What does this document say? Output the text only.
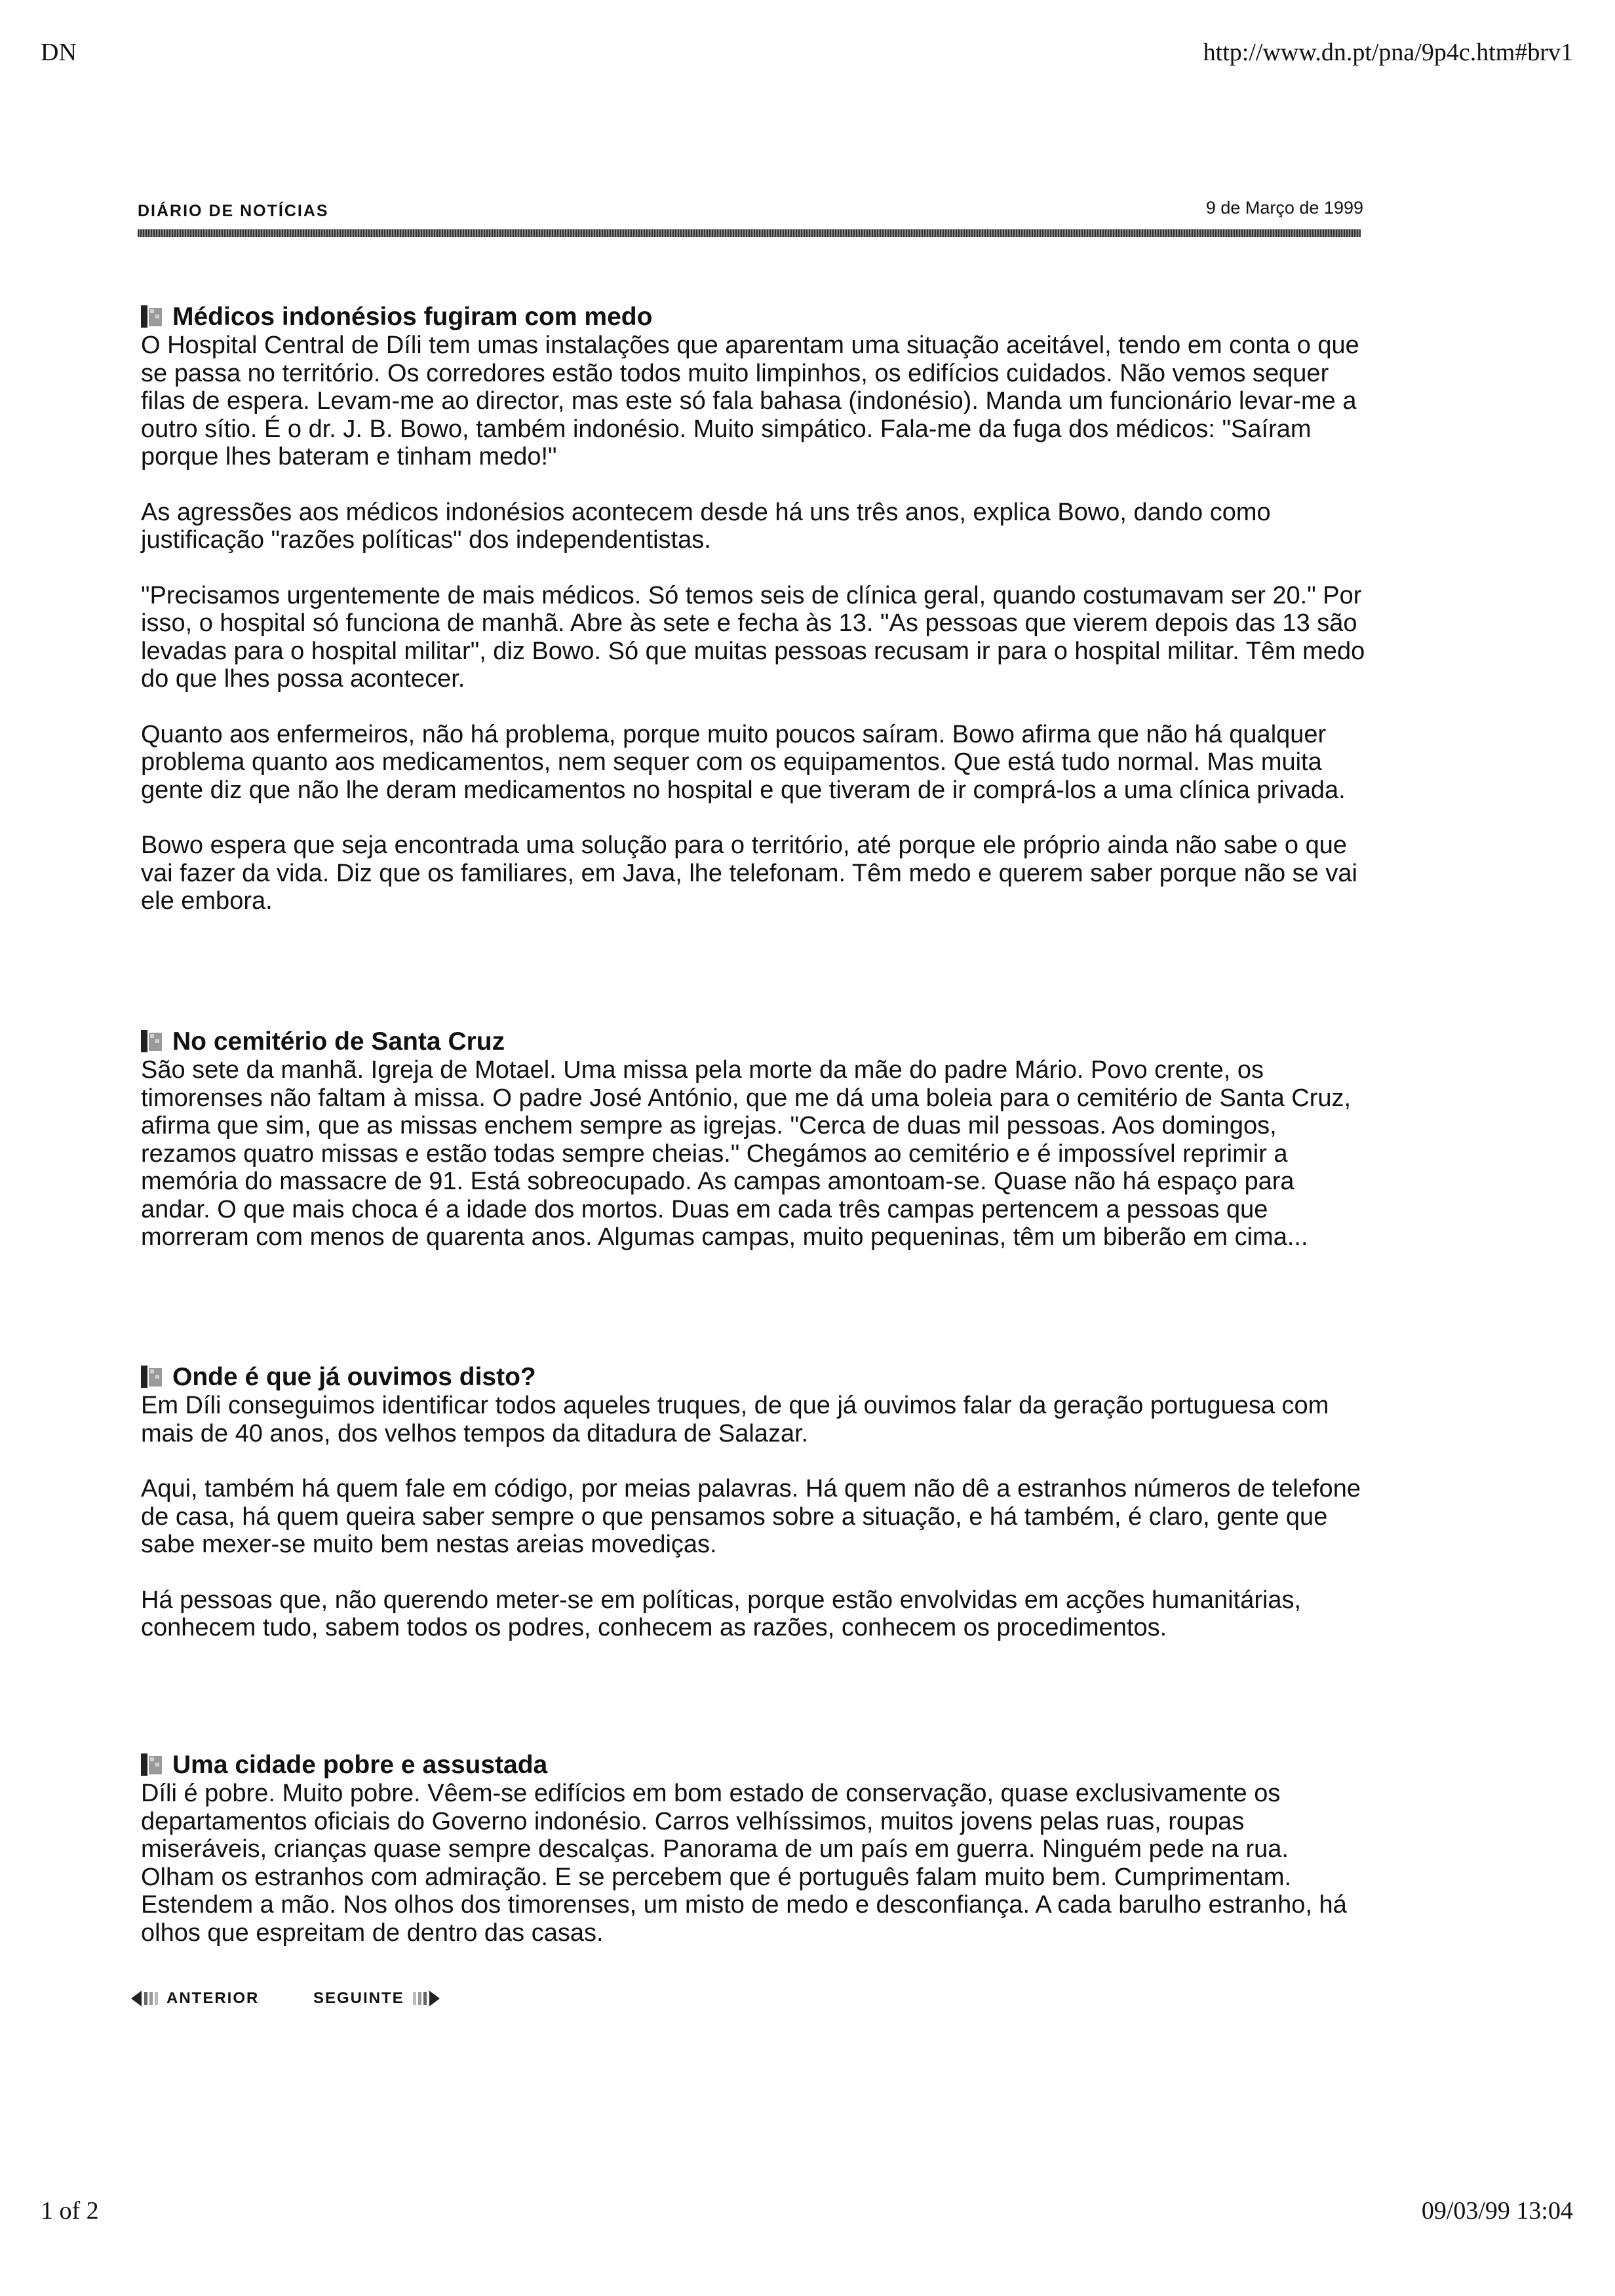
DN	http://www.dn.pt/pna/9p4c.htm#brv1
DIÁRIO DE NOTÍCIAS	9 de Março de 1999
Médicos indonésios fugiram com medo

O Hospital Central de Díli tem umas instalações que aparentam uma situação aceitável, tendo em conta o que se passa no território. Os corredores estão todos muito limpinhos, os edifícios cuidados. Não vemos sequer filas de espera. Levam-me ao director, mas este só fala bahasa (indonésio). Manda um funcionário levar-me a outro sítio. É o dr. J. B. Bowo, também indonésio. Muito simpático. Fala-me da fuga dos médicos: "Saíram porque lhes bateram e tinham medo!"

As agressões aos médicos indonésios acontecem desde há uns três anos, explica Bowo, dando como justificação "razões políticas" dos independentistas.

"Precisamos urgentemente de mais médicos. Só temos seis de clínica geral, quando costumavam ser 20." Por isso, o hospital só funciona de manhã. Abre às sete e fecha às 13. "As pessoas que vierem depois das 13 são levadas para o hospital militar", diz Bowo. Só que muitas pessoas recusam ir para o hospital militar. Têm medo do que lhes possa acontecer.

Quanto aos enfermeiros, não há problema, porque muito poucos saíram. Bowo afirma que não há qualquer problema quanto aos medicamentos, nem sequer com os equipamentos. Que está tudo normal. Mas muita gente diz que não lhe deram medicamentos no hospital e que tiveram de ir comprá-los a uma clínica privada.

Bowo espera que seja encontrada uma solução para o território, até porque ele próprio ainda não sabe o que vai fazer da vida. Diz que os familiares, em Java, lhe telefonam. Têm medo e querem saber porque não se vai ele embora.

No cemitério de Santa Cruz

São sete da manhã. Igreja de Motael. Uma missa pela morte da mãe do padre Mário. Povo crente, os timorenses não faltam à missa. O padre José António, que me dá uma boleia para o cemitério de Santa Cruz, afirma que sim, que as missas enchem sempre as igrejas. "Cerca de duas mil pessoas. Aos domingos, rezamos quatro missas e estão todas sempre cheias." Chegámos ao cemitério e é impossível reprimir a memória do massacre de 91. Está sobreocupado. As campas amontoam-se. Quase não há espaço para andar. O que mais choca é a idade dos mortos. Duas em cada três campas pertencem a pessoas que morreram com menos de quarenta anos. Algumas campas, muito pequeninas, têm um biberão em cima...

Onde é que já ouvimos disto?

Em Díli conseguimos identificar todos aqueles truques, de que já ouvimos falar da geração portuguesa com mais de 40 anos, dos velhos tempos da ditadura de Salazar.

Aqui, também há quem fale em código, por meias palavras. Há quem não dê a estranhos números de telefone de casa, há quem queira saber sempre o que pensamos sobre a situação, e há também, é claro, gente que sabe mexer-se muito bem nestas areias movediças.

Há pessoas que, não querendo meter-se em políticas, porque estão envolvidas em acções humanitárias, conhecem tudo, sabem todos os podres, conhecem as razões, conhecem os procedimentos.

Uma cidade pobre e assustada

Díli é pobre. Muito pobre. Vêem-se edifícios em bom estado de conservação, quase exclusivamente os departamentos oficiais do Governo indonésio. Carros velhíssimos, muitos jovens pelas ruas, roupas miseráveis, crianças quase sempre descalças. Panorama de um país em guerra. Ninguém pede na rua. Olham os estranhos com admiração. E se percebem que é português falam muito bem. Cumprimentam. Estendem a mão. Nos olhos dos timorenses, um misto de medo e desconfiança. A cada barulho estranho, há olhos que espreitam de dentro das casas.

ANTERIOR	SEGUINTE
1 of 2	09/03/99 13:04
